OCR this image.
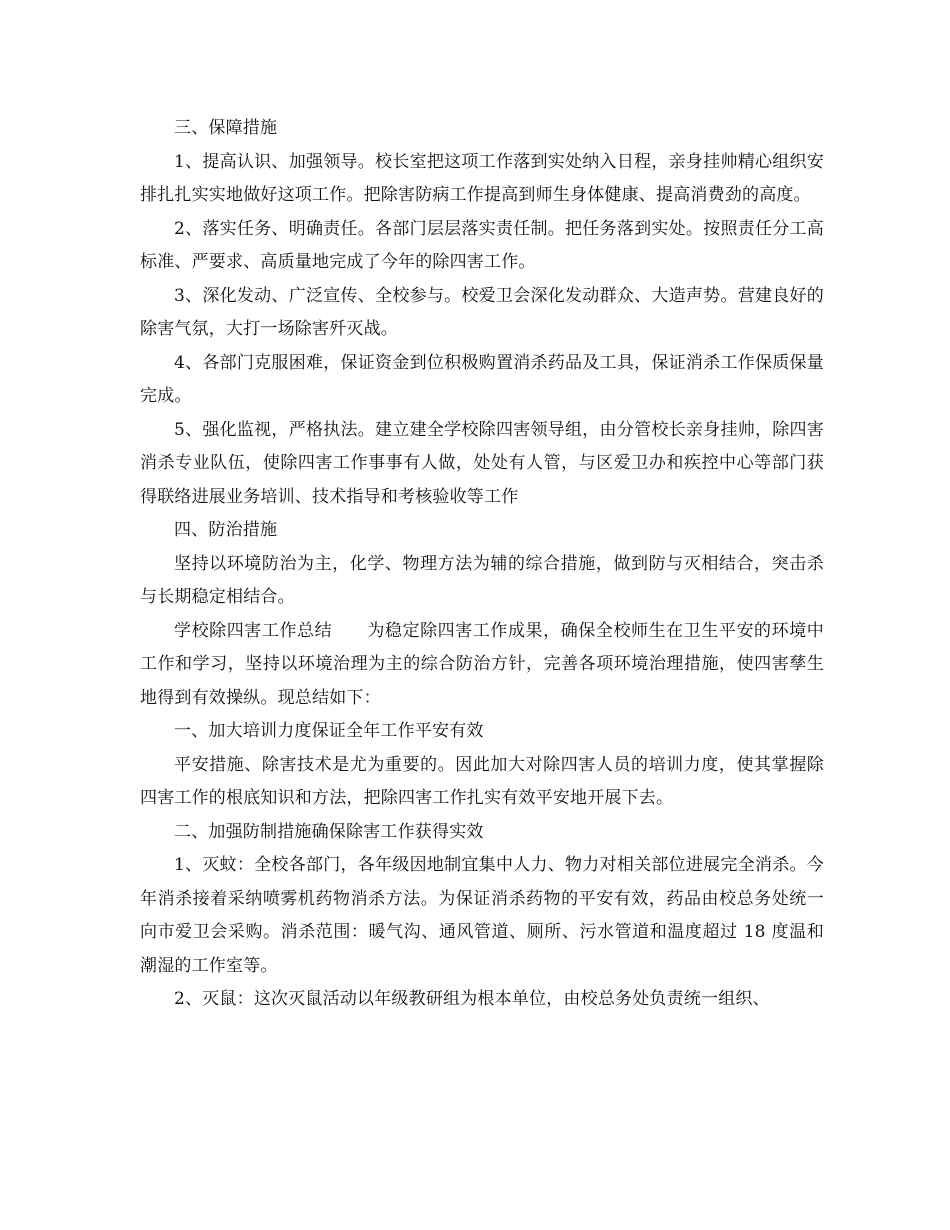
三、保障措施

1、提高认识、加强领导。校长室把这项工作落到实处纳入日程，亲身挂帅精心组织安排扎扎实实地做好这项工作。把除害防病工作提高到师生身体健康、提高消费劲的高度。

2、落实任务、明确责任。各部门层层落实责任制。把任务落到实处。按照责任分工高标准、严要求、高质量地完成了今年的除四害工作。

3、深化发动、广泛宣传、全校参与。校爱卫会深化发动群众、大造声势。营建良好的除害气氛，大打一场除害歼灭战。

4、各部门克服困难，保证资金到位积极购置消杀药品及工具，保证消杀工作保质保量完成。

5、强化监视，严格执法。建立建全学校除四害领导组，由分管校长亲身挂帅，除四害消杀专业队伍，使除四害工作事事有人做，处处有人管，与区爱卫办和疾控中心等部门获得联络进展业务培训、技术指导和考核验收等工作

四、防治措施

坚持以环境防治为主，化学、物理方法为辅的综合措施，做到防与灭相结合，突击杀与长期稳定相结合。

学校除四害工作总结　　为稳定除四害工作成果，确保全校师生在卫生平安的环境中工作和学习，坚持以环境治理为主的综合防治方针，完善各项环境治理措施，使四害孳生地得到有效操纵。现总结如下：

一、加大培训力度保证全年工作平安有效

平安措施、除害技术是尤为重要的。因此加大对除四害人员的培训力度，使其掌握除四害工作的根底知识和方法，把除四害工作扎实有效平安地开展下去。

二、加强防制措施确保除害工作获得实效

1、灭蚊：全校各部门，各年级因地制宜集中人力、物力对相关部位进展完全消杀。今年消杀接着采纳喷雾机药物消杀方法。为保证消杀药物的平安有效，药品由校总务处统一向市爱卫会采购。消杀范围：暖气沟、通风管道、厕所、污水管道和温度超过 18 度温和潮湿的工作室等。

2、灭鼠：这次灭鼠活动以年级教研组为根本单位，由校总务处负责统一组织、
